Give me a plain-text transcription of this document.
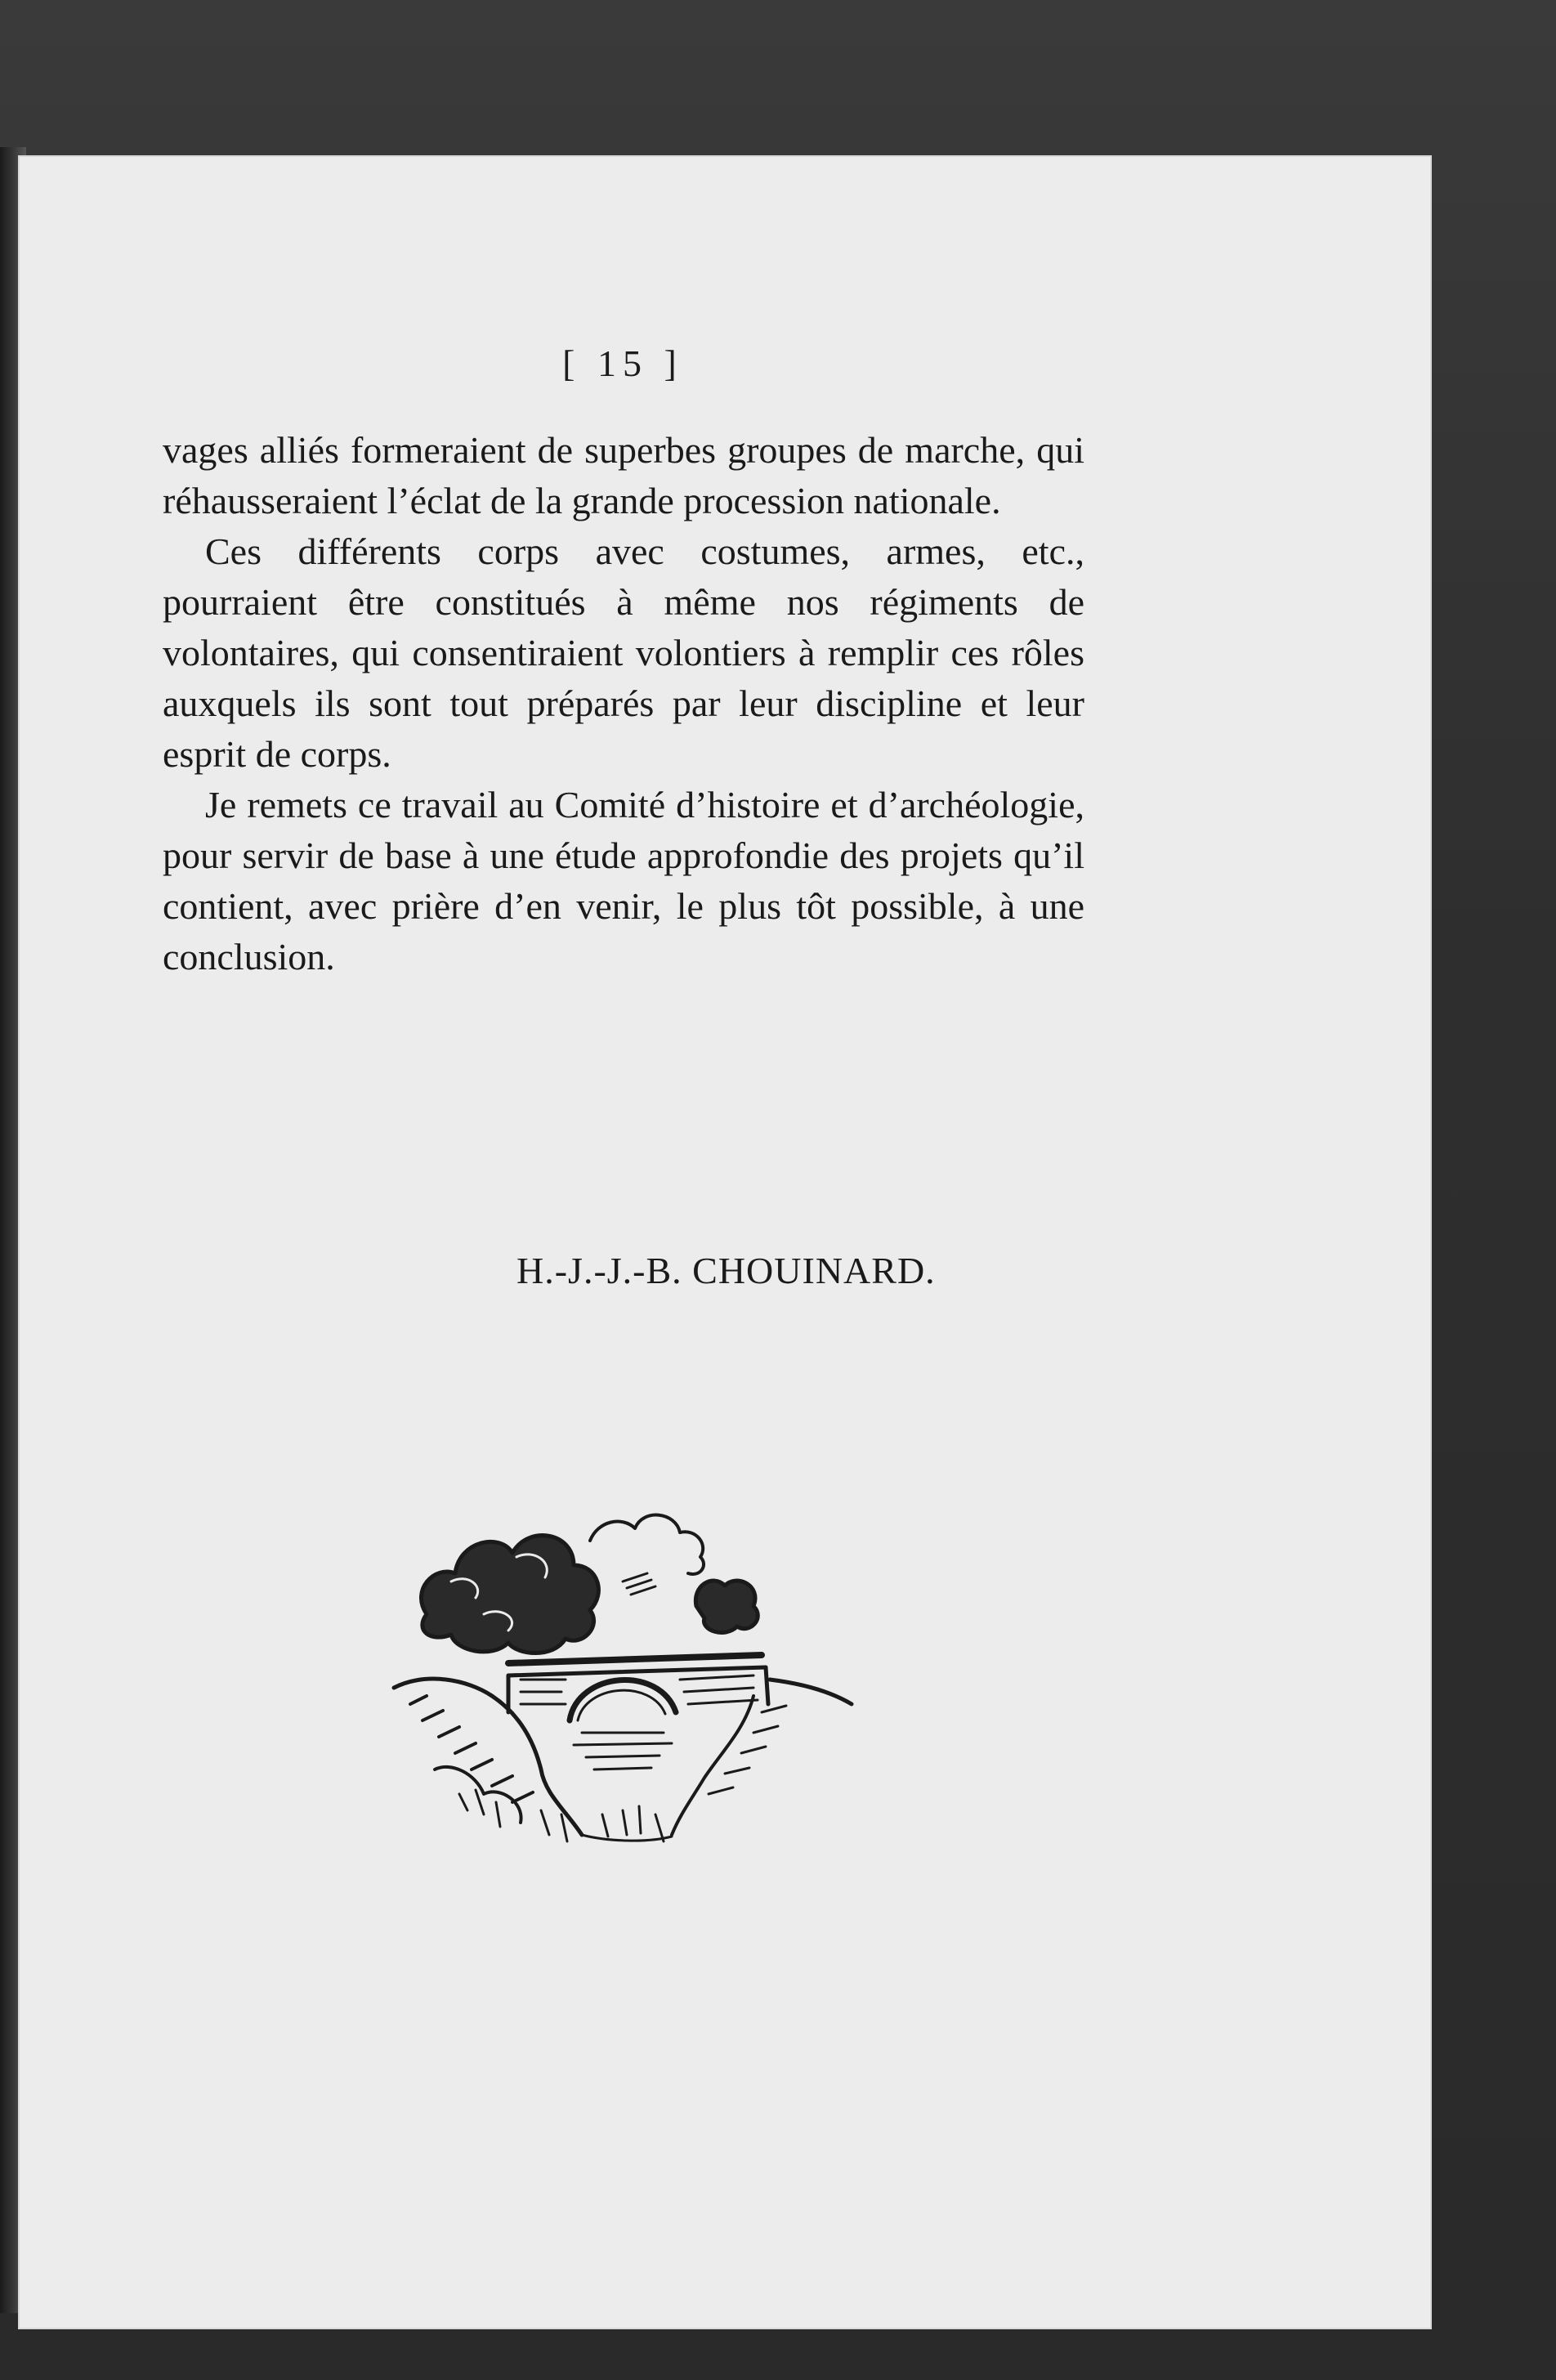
[ 15 ]

vages alliés formeraient de superbes groupes de marche, qui réhausseraient l’éclat de la grande procession nationale.

Ces différents corps avec costumes, armes, etc., pourraient être constitués à même nos régiments de volontaires, qui consentiraient volontiers à remplir ces rôles auxquels ils sont tout préparés par leur discipline et leur esprit de corps.

Je remets ce travail au Comité d’histoire et d’archéologie, pour servir de base à une étude approfondie des projets qu’il contient, avec prière d’en venir, le plus tôt possible, à une conclusion.

H.-J.-J.-B. CHOUINARD.
